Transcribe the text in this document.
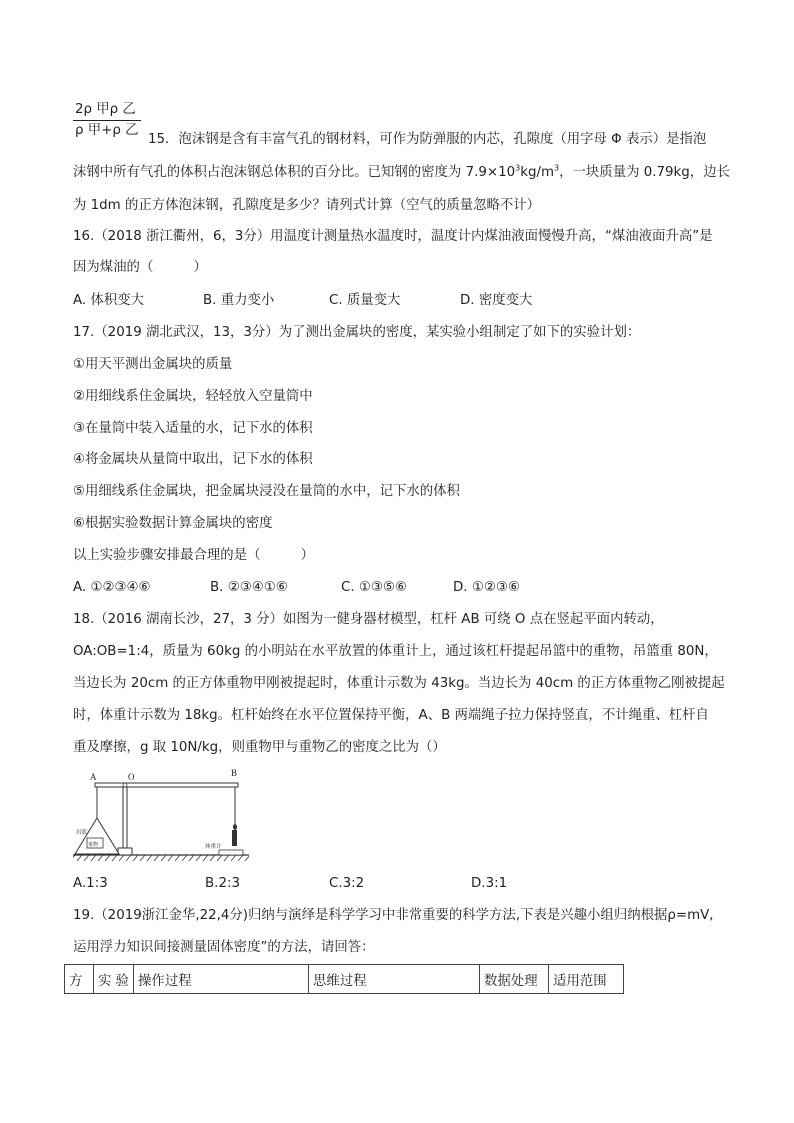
2ρ 甲ρ 乙
ρ 甲+ρ 乙
15．泡沫钢是含有丰富气孔的钢材料，可作为防弹服的内芯，孔隙度（用字母 Φ 表示）是指泡
沫钢中所有气孔的体积占泡沫钢总体积的百分比。已知钢的密度为 $7.9\times 10^3kg/m^3$，一块质量为 0.79kg，边长
为 1dm 的正方体泡沫钢，孔隙度是多少？请列式计算（空气的质量忽略不计）
16.（2018 浙江衢州，6，3分）用温度计测量热水温度时，温度计内煤油液面慢慢升高，“煤油液面升高”是
因为煤油的（　　　）
A. 体积变大	B. 重力变小	C. 质量变大	D. 密度变大
17.（2019 湖北武汉，13，3分）为了测出金属块的密度，某实验小组制定了如下的实验计划：
①用天平测出金属块的质量
②用细线系住金属块，轻轻放入空量筒中
③在量筒中装入适量的水，记下水的体积
④将金属块从量筒中取出，记下水的体积
⑤用细线系住金属块，把金属块浸没在量筒的水中，记下水的体积
⑥根据实验数据计算金属块的密度
以上实验步骤安排最合理的是（　　　）
A. ①②③④⑥	B. ②③④①⑥	C. ①③⑤⑥	D. ①②③⑥
18.（2016 湖南长沙，27，3 分）如图为一健身器材模型，杠杆 AB 可绕 O 点在竖起平面内转动，
OA:OB=1:4，质量为 60kg 的小明站在水平放置的体重计上，通过该杠杆提起吊篮中的重物，吊篮重 80N，
当边长为 20cm 的正方体重物甲刚被提起时，体重计示数为 43kg。当边长为 40cm 的正方体重物乙刚被提起
时，体重计示数为 18kg。杠杆始终在水平位置保持平衡，A、B 两端绳子拉力保持竖直，不计绳重、杠杆自
重及摩擦，g 取 10N/kg，则重物甲与重物乙的密度之比为（）
A	O	B
吊篮
重物	体重计
A.1:3	B.2:3	C.3:2	D.3:1
19.（2019浙江金华,22,4分)归纳与演绎是科学学习中非常重要的科学方法,下表是兴趣小组归纳根据ρ=mV,
运用浮力知识间接测量固体密度”的方法，请回答：
方	实 验	操作过程	思维过程	数据处理	适用范围
